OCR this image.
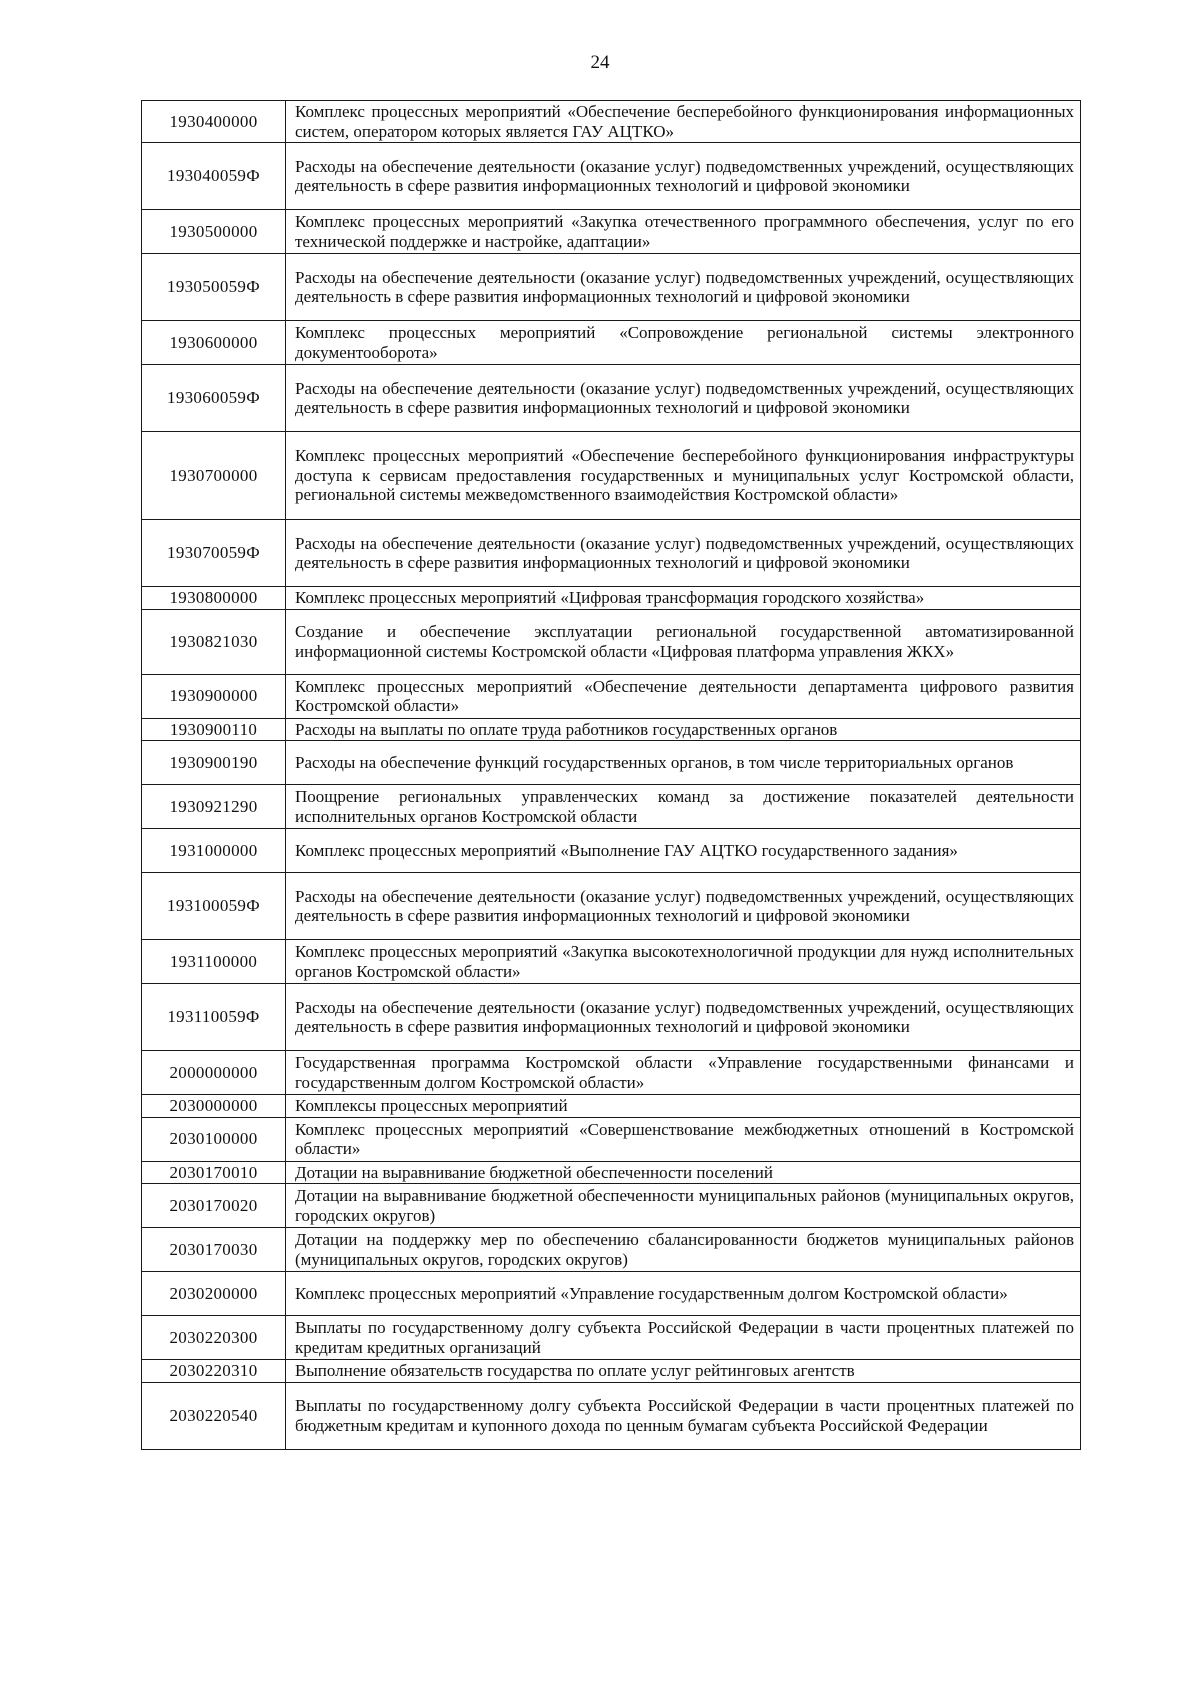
24
1930400000	Комплекс процессных мероприятий «Обеспечение бесперебойного функционирования информационных систем, оператором которых является ГАУ АЦТКО»
193040059Ф	Расходы на обеспечение деятельности (оказание услуг) подведомственных учреждений, осуществляющих деятельность в сфере развития информационных технологий и цифровой экономики
1930500000	Комплекс процессных мероприятий «Закупка отечественного программного обеспечения, услуг по его технической поддержке и настройке, адаптации»
193050059Ф	Расходы на обеспечение деятельности (оказание услуг) подведомственных учреждений, осуществляющих деятельность в сфере развития информационных технологий и цифровой экономики
1930600000	Комплекс процессных мероприятий «Сопровождение региональной системы электронного документооборота»
193060059Ф	Расходы на обеспечение деятельности (оказание услуг) подведомственных учреждений, осуществляющих деятельность в сфере развития информационных технологий и цифровой экономики
1930700000	Комплекс процессных мероприятий «Обеспечение бесперебойного функционирования инфраструктуры доступа к сервисам предоставления государственных и муниципальных услуг Костромской области, региональной системы межведомственного взаимодействия Костромской области»
193070059Ф	Расходы на обеспечение деятельности (оказание услуг) подведомственных учреждений, осуществляющих деятельность в сфере развития информационных технологий и цифровой экономики
1930800000	Комплекс процессных мероприятий «Цифровая трансформация городского хозяйства»
1930821030	Создание и обеспечение эксплуатации региональной государственной автоматизированной информационной системы Костромской области «Цифровая платформа управления ЖКХ»
1930900000	Комплекс процессных мероприятий «Обеспечение деятельности департамента цифрового развития Костромской области»
1930900110	Расходы на выплаты по оплате труда работников государственных органов
1930900190	Расходы на обеспечение функций государственных органов, в том числе территориальных органов
1930921290	Поощрение региональных управленческих команд за достижение показателей деятельности исполнительных органов Костромской области
1931000000	Комплекс процессных мероприятий «Выполнение ГАУ АЦТКО государственного задания»
193100059Ф	Расходы на обеспечение деятельности (оказание услуг) подведомственных учреждений, осуществляющих деятельность в сфере развития информационных технологий и цифровой экономики
1931100000	Комплекс процессных мероприятий «Закупка высокотехнологичной продукции для нужд исполнительных органов Костромской области»
193110059Ф	Расходы на обеспечение деятельности (оказание услуг) подведомственных учреждений, осуществляющих деятельность в сфере развития информационных технологий и цифровой экономики
2000000000	Государственная программа Костромской области «Управление государственными финансами и государственным долгом Костромской области»
2030000000	Комплексы процессных мероприятий
2030100000	Комплекс процессных мероприятий «Совершенствование межбюджетных отношений в Костромской области»
2030170010	Дотации на выравнивание бюджетной обеспеченности поселений
2030170020	Дотации на выравнивание бюджетной обеспеченности муниципальных районов (муниципальных округов, городских округов)
2030170030	Дотации на поддержку мер по обеспечению сбалансированности бюджетов муниципальных районов (муниципальных округов, городских округов)
2030200000	Комплекс процессных мероприятий «Управление государственным долгом Костромской области»
2030220300	Выплаты по государственному долгу субъекта Российской Федерации в части процентных платежей по кредитам кредитных организаций
2030220310	Выполнение обязательств государства по оплате услуг рейтинговых агентств
2030220540	Выплаты по государственному долгу субъекта Российской Федерации в части процентных платежей по бюджетным кредитам и купонного дохода по ценным бумагам субъекта Российской Федерации
